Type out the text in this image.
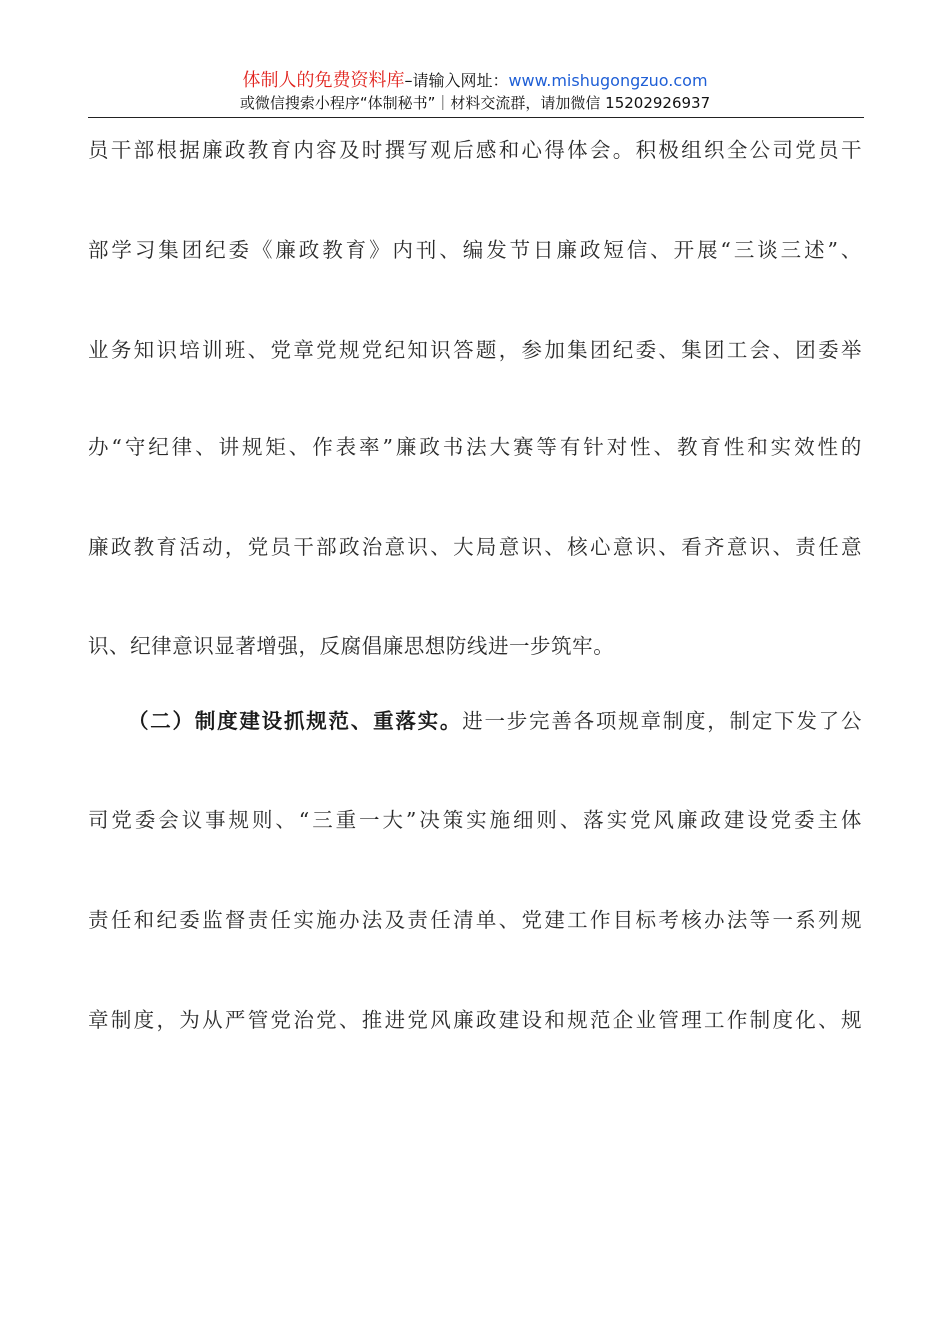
体制人的免费资料库–请输入网址：www.mishugongzuo.com
或微信搜索小程序“体制秘书”｜材料交流群，请加微信 15202926937
员干部根据廉政教育内容及时撰写观后感和心得体会。积极组织全公司党员干
部学习集团纪委《廉政教育》内刊、编发节日廉政短信、开展“三谈三述”、
业务知识培训班、党章党规党纪知识答题，参加集团纪委、集团工会、团委举
办“守纪律、讲规矩、作表率”廉政书法大赛等有针对性、教育性和实效性的
廉政教育活动，党员干部政治意识、大局意识、核心意识、看齐意识、责任意
识、纪律意识显著增强，反腐倡廉思想防线进一步筑牢。
（二）制度建设抓规范、重落实。进一步完善各项规章制度，制定下发了公
司党委会议事规则、“三重一大”决策实施细则、落实党风廉政建设党委主体
责任和纪委监督责任实施办法及责任清单、党建工作目标考核办法等一系列规
章制度，为从严管党治党、推进党风廉政建设和规范企业管理工作制度化、规
